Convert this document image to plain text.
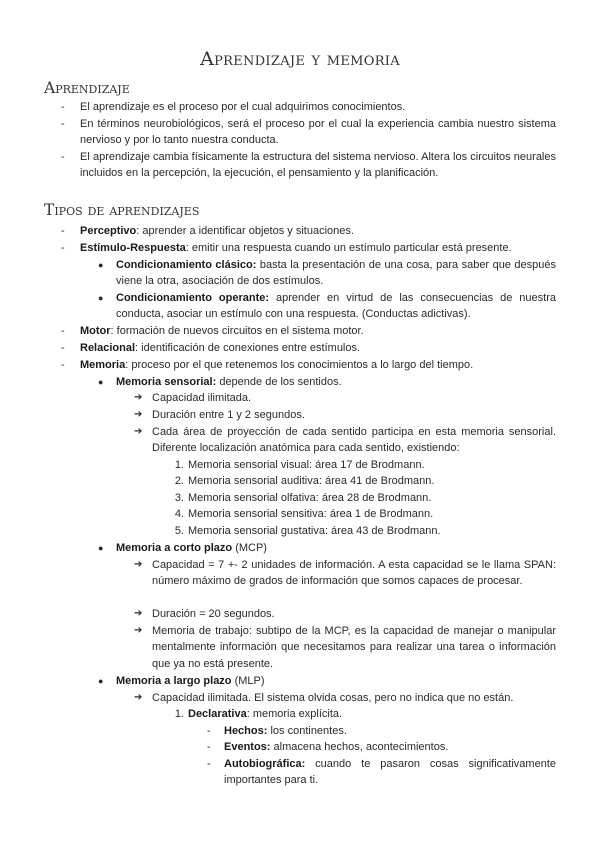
Aprendizaje y memoria
Aprendizaje
- El aprendizaje es el proceso por el cual adquirimos conocimientos.
- En términos neurobiológicos, será el proceso por el cual la experiencia cambia nuestro sistema nervioso y por lo tanto nuestra conducta.
- El aprendizaje cambia físicamente la estructura del sistema nervioso. Altera los circuitos neurales incluidos en la percepción, la ejecución, el pensamiento y la planificación.
Tipos de aprendizajes
- Perceptivo: aprender a identificar objetos y situaciones.
- Estímulo-Respuesta: emitir una respuesta cuando un estímulo particular está presente.
● Condicionamiento clásico: basta la presentación de una cosa, para saber que después viene la otra, asociación de dos estímulos.
● Condicionamiento operante: aprender en virtud de las consecuencias de nuestra conducta, asociar un estímulo con una respuesta. (Conductas adictivas).
- Motor: formación de nuevos circuitos en el sistema motor.
- Relacional: identificación de conexiones entre estímulos.
- Memoria: proceso por el que retenemos los conocimientos a lo largo del tiempo.
● Memoria sensorial: depende de los sentidos.
➔ Capacidad ilimitada.
➔ Duración entre 1 y 2 segundos.
➔ Cada área de proyección de cada sentido participa en esta memoria sensorial. Diferente localización anatómica para cada sentido, existiendo:
1. Memoria sensorial visual: área 17 de Brodmann.
2. Memoria sensorial auditiva: área 41 de Brodmann.
3. Memoria sensorial olfativa: área 28 de Brodmann.
4. Memoria sensorial sensitiva: área 1 de Brodmann.
5. Memoria sensorial gustativa: área 43 de Brodmann.
● Memoria a corto plazo (MCP)
➔ Capacidad = 7 +- 2 unidades de información. A esta capacidad se le llama SPAN: número máximo de grados de información que somos capaces de procesar.
➔ Duración = 20 segundos.
➔ Memoria de trabajo: subtipo de la MCP, es la capacidad de manejar o manipular mentalmente información que necesitamos para realizar una tarea o información que ya no está presente.
● Memoria a largo plazo (MLP)
➔ Capacidad ilimitada. El sistema olvida cosas, pero no indica que no están.
1. Declarativa: memoria explícita.
- Hechos: los continentes.
- Eventos: almacena hechos, acontecimientos.
- Autobiográfica: cuando te pasaron cosas significativamente importantes para ti.
